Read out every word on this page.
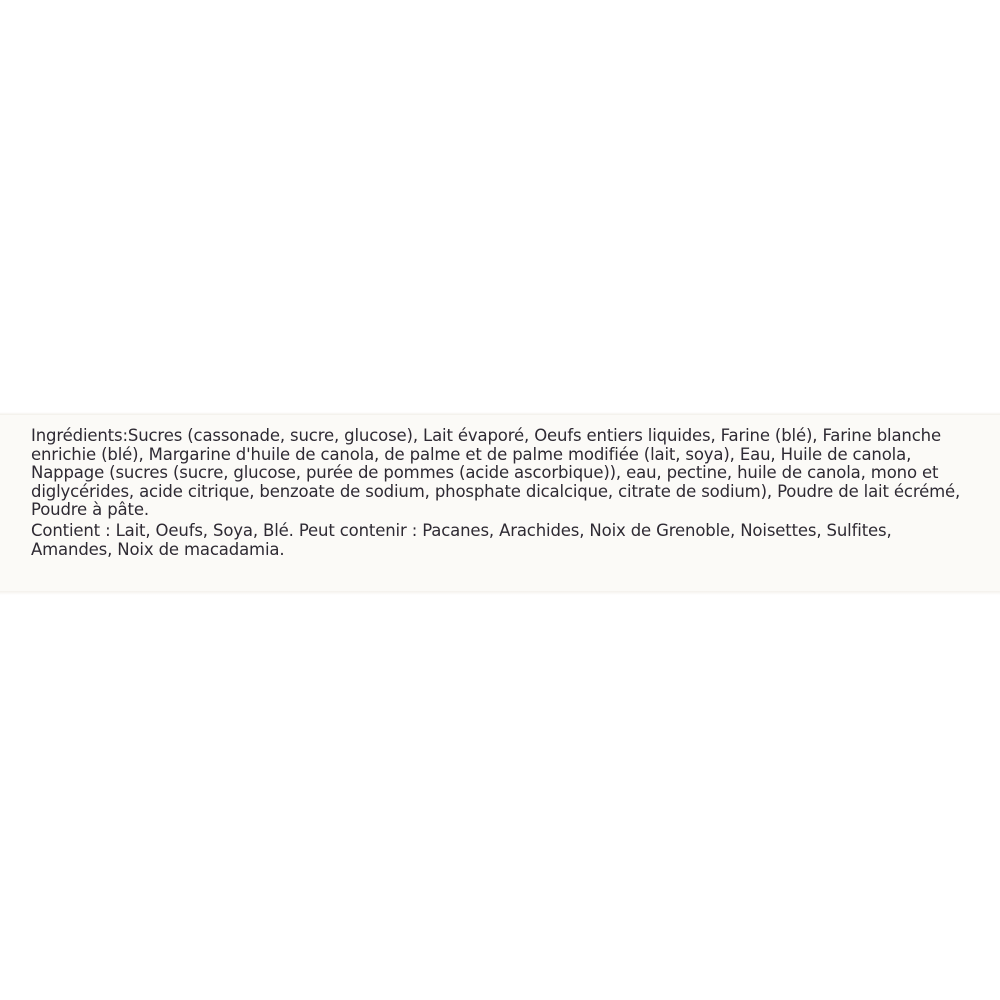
Ingrédients:Sucres (cassonade, sucre, glucose), Lait évaporé, Oeufs entiers liquides, Farine (blé), Farine blanche enrichie (blé), Margarine d'huile de canola, de palme et de palme modifiée (lait, soya), Eau, Huile de canola, Nappage (sucres (sucre, glucose, purée de pommes (acide ascorbique)), eau, pectine, huile de canola, mono et diglycérides, acide citrique, benzoate de sodium, phosphate dicalcique, citrate de sodium), Poudre de lait écrémé, Poudre à pâte.

Contient : Lait, Oeufs, Soya, Blé. Peut contenir : Pacanes, Arachides, Noix de Grenoble, Noisettes, Sulfites, Amandes, Noix de macadamia.
